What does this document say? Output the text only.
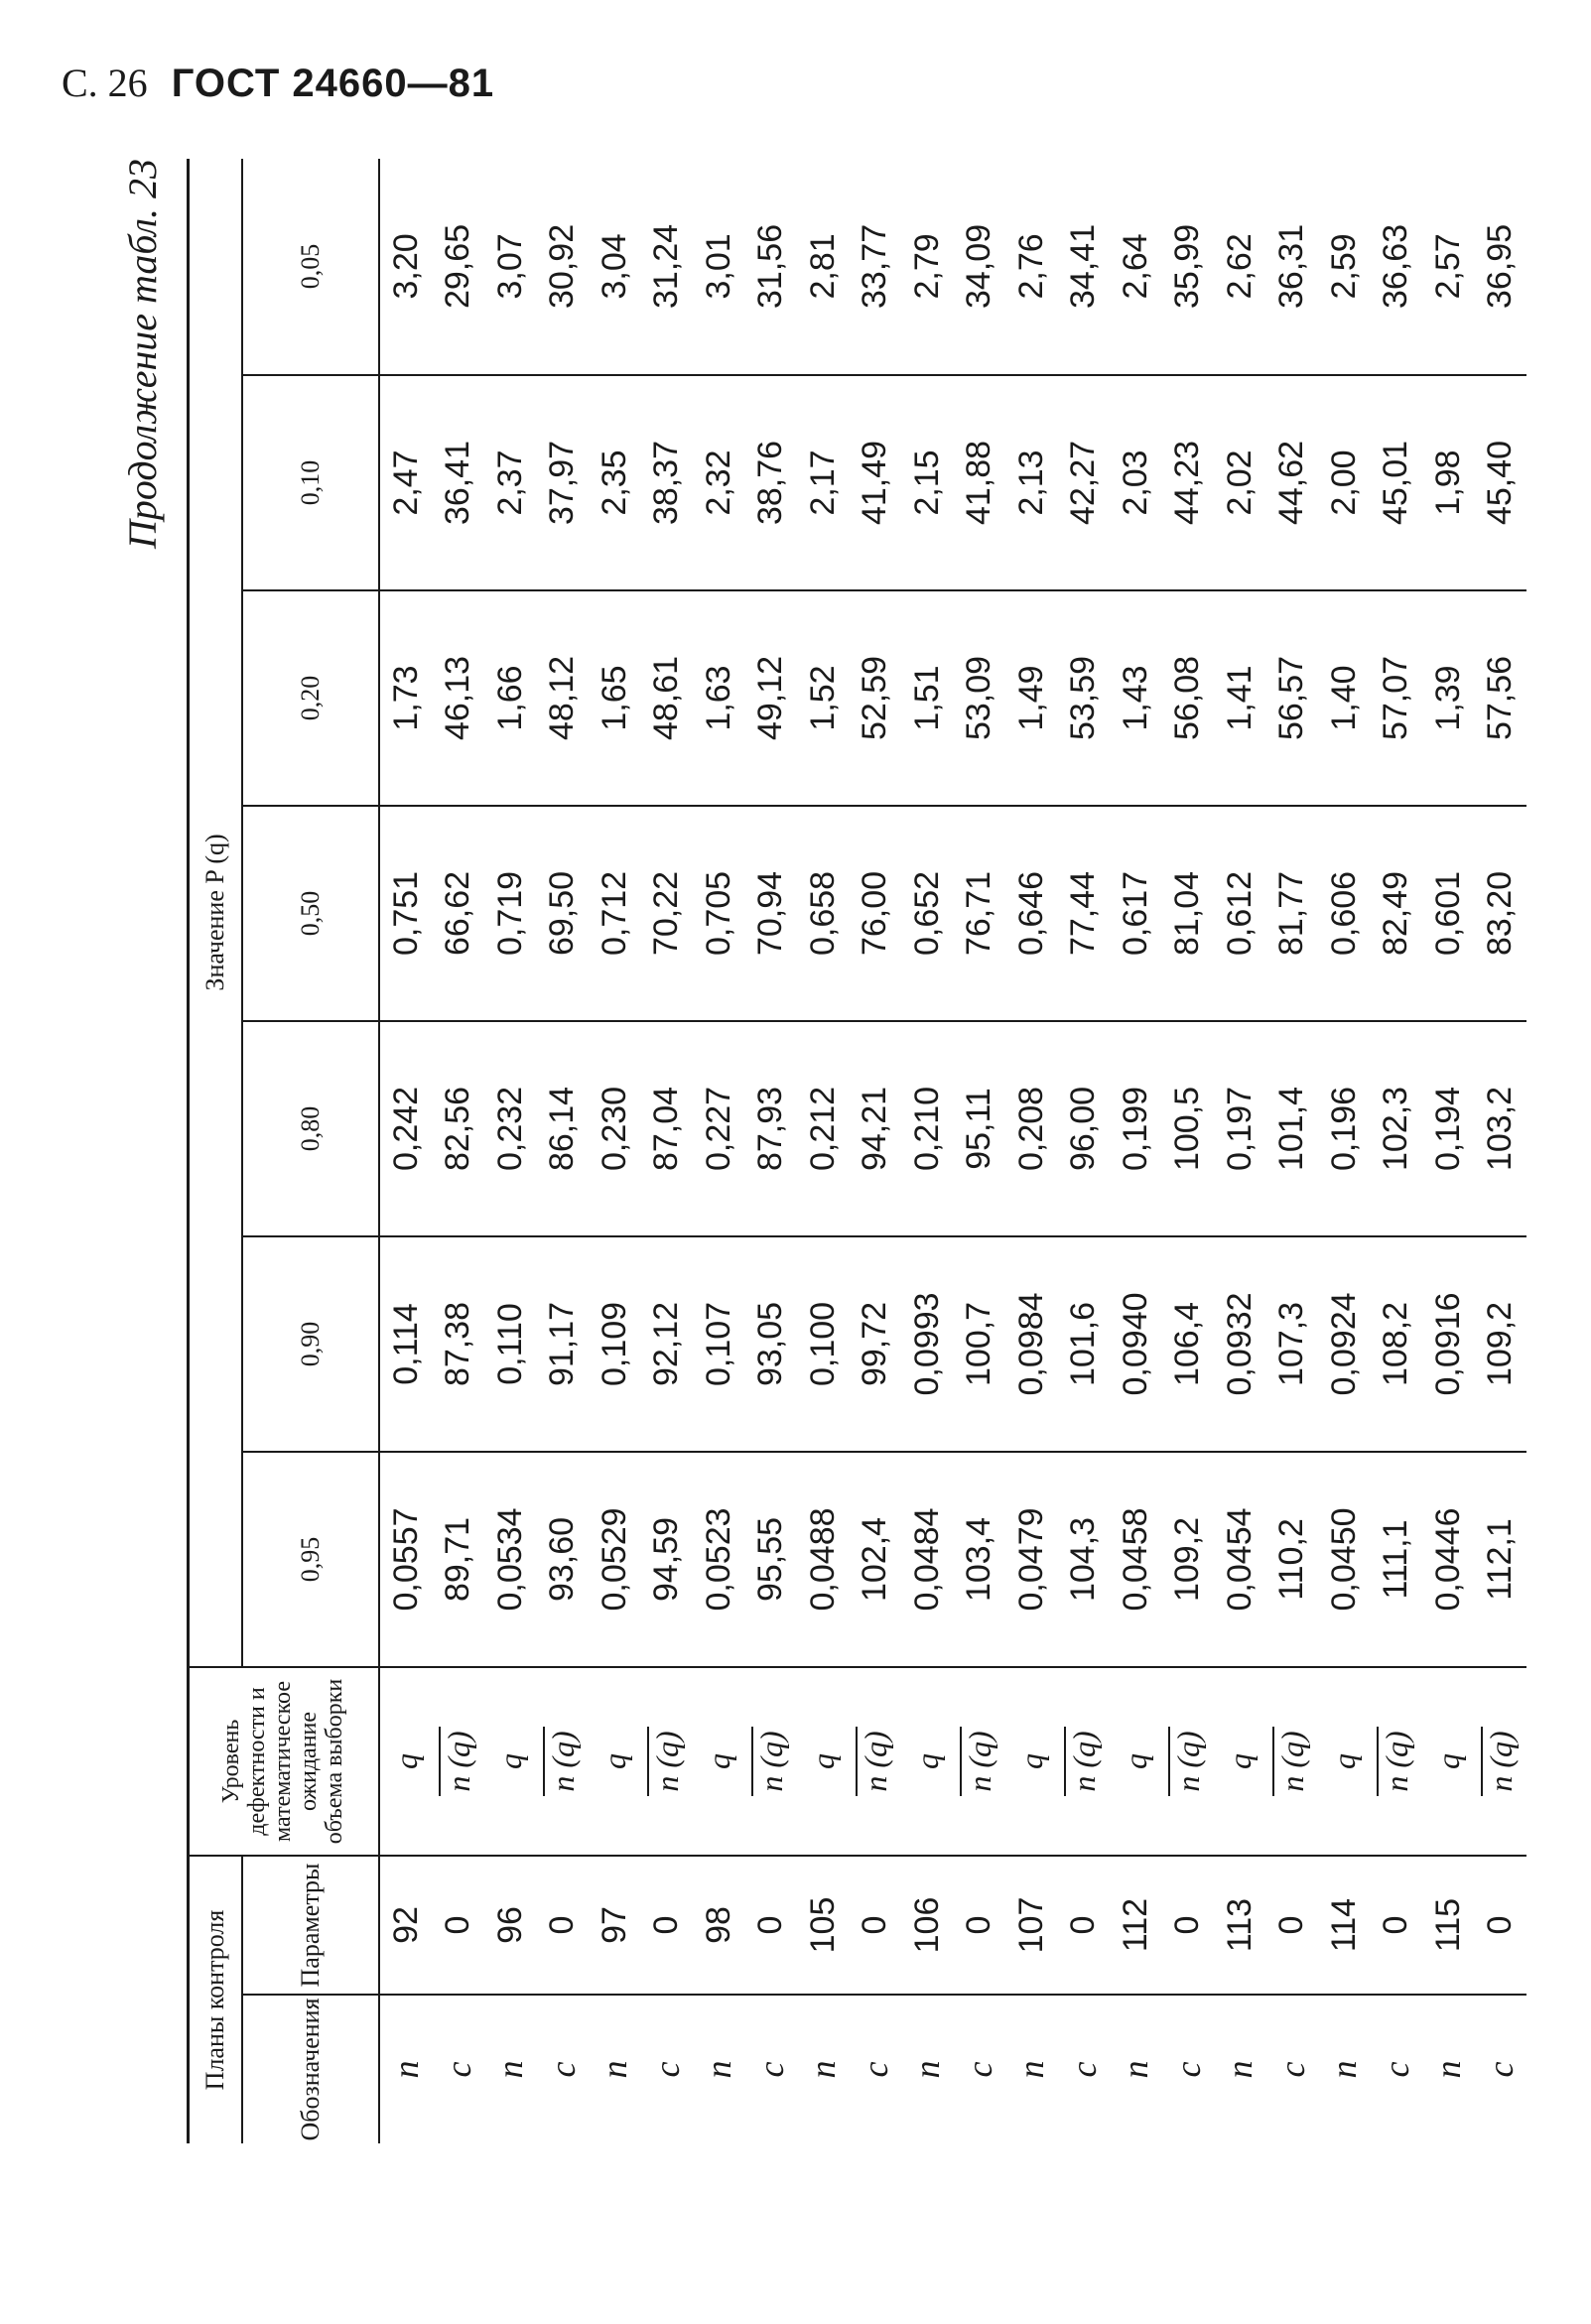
С. 26 ГОСТ 24660—81
Продолжение табл. 23
Планы контроля		Уровень дефектности и математическое ожидание объема выборки	Значение P (q)						
Обозначения	Параметры		0,95	0,90	0,80	0,50	0,20	0,10	0,05
n	92	q	0,0557	0,114	0,242	0,751	1,73	2,47	3,20
c	0	n (q)	89,71	87,38	82,56	66,62	46,13	36,41	29,65
n	96	q	0,0534	0,110	0,232	0,719	1,66	2,37	3,07
c	0	n (q)	93,60	91,17	86,14	69,50	48,12	37,97	30,92
n	97	q	0,0529	0,109	0,230	0,712	1,65	2,35	3,04
c	0	n (q)	94,59	92,12	87,04	70,22	48,61	38,37	31,24
n	98	q	0,0523	0,107	0,227	0,705	1,63	2,32	3,01
c	0	n (q)	95,55	93,05	87,93	70,94	49,12	38,76	31,56
n	105	q	0,0488	0,100	0,212	0,658	1,52	2,17	2,81
c	0	n (q)	102,4	99,72	94,21	76,00	52,59	41,49	33,77
n	106	q	0,0484	0,0993	0,210	0,652	1,51	2,15	2,79
c	0	n (q)	103,4	100,7	95,11	76,71	53,09	41,88	34,09
n	107	q	0,0479	0,0984	0,208	0,646	1,49	2,13	2,76
c	0	n (q)	104,3	101,6	96,00	77,44	53,59	42,27	34,41
n	112	q	0,0458	0,0940	0,199	0,617	1,43	2,03	2,64
c	0	n (q)	109,2	106,4	100,5	81,04	56,08	44,23	35,99
n	113	q	0,0454	0,0932	0,197	0,612	1,41	2,02	2,62
c	0	n (q)	110,2	107,3	101,4	81,77	56,57	44,62	36,31
n	114	q	0,0450	0,0924	0,196	0,606	1,40	2,00	2,59
c	0	n (q)	111,1	108,2	102,3	82,49	57,07	45,01	36,63
n	115	q	0,0446	0,0916	0,194	0,601	1,39	1,98	2,57
c	0	n (q)	112,1	109,2	103,2	83,20	57,56	45,40	36,95
